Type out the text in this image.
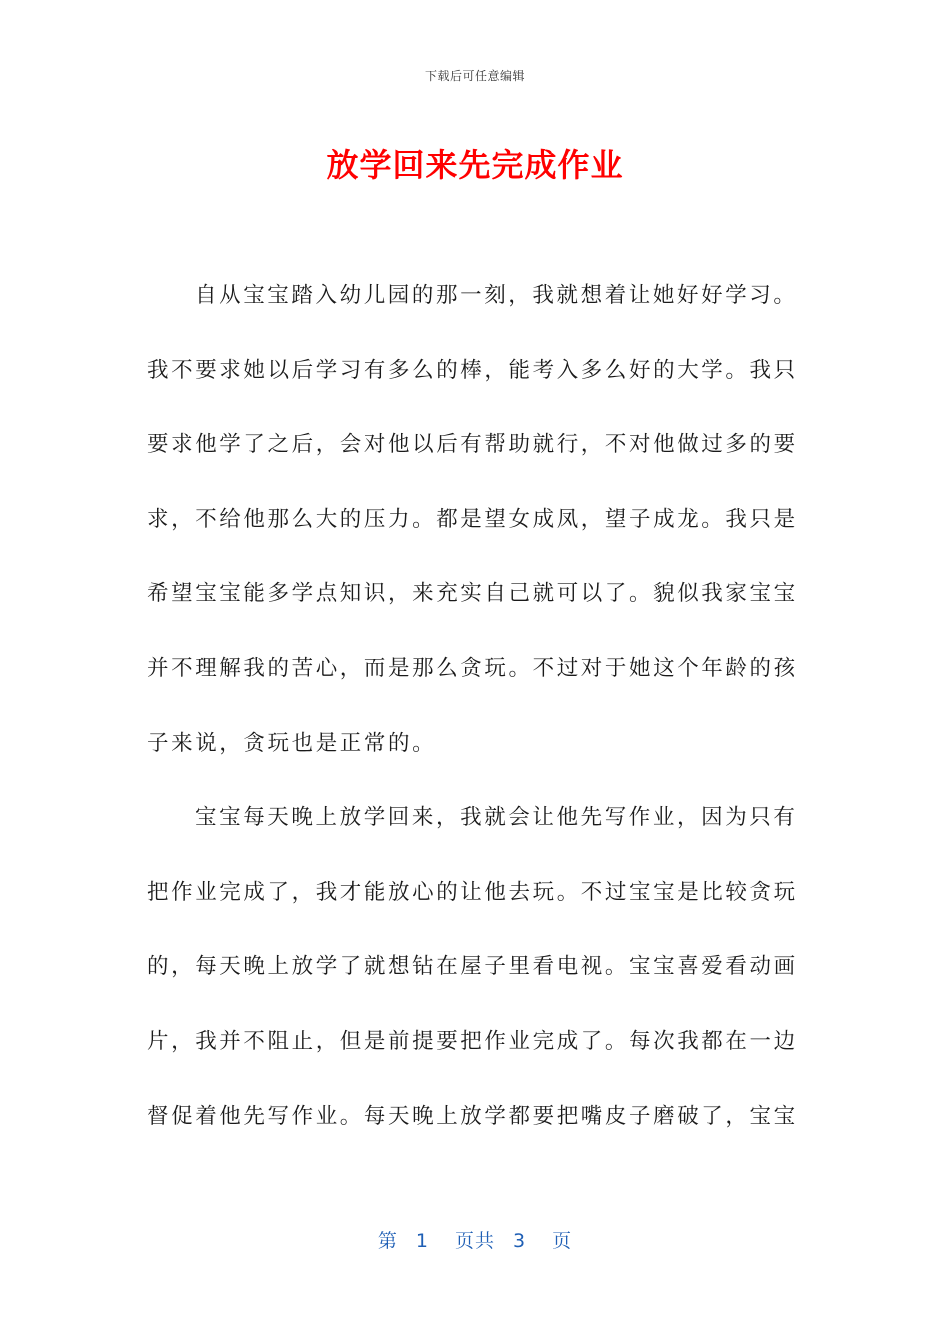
下载后可任意编辑
放学回来先完成作业
自从宝宝踏入幼儿园的那一刻，我就想着让她好好学习。
我不要求她以后学习有多么的棒，能考入多么好的大学。我只
要求他学了之后，会对他以后有帮助就行，不对他做过多的要
求，不给他那么大的压力。都是望女成凤，望子成龙。我只是
希望宝宝能多学点知识，来充实自己就可以了。貌似我家宝宝
并不理解我的苦心，而是那么贪玩。不过对于她这个年龄的孩
子来说，贪玩也是正常的。
宝宝每天晚上放学回来，我就会让他先写作业，因为只有
把作业完成了，我才能放心的让他去玩。不过宝宝是比较贪玩
的，每天晚上放学了就想钻在屋子里看电视。宝宝喜爱看动画
片，我并不阻止，但是前提要把作业完成了。每次我都在一边
督促着他先写作业。每天晚上放学都要把嘴皮子磨破了，宝宝
第 1 页共 3 页
